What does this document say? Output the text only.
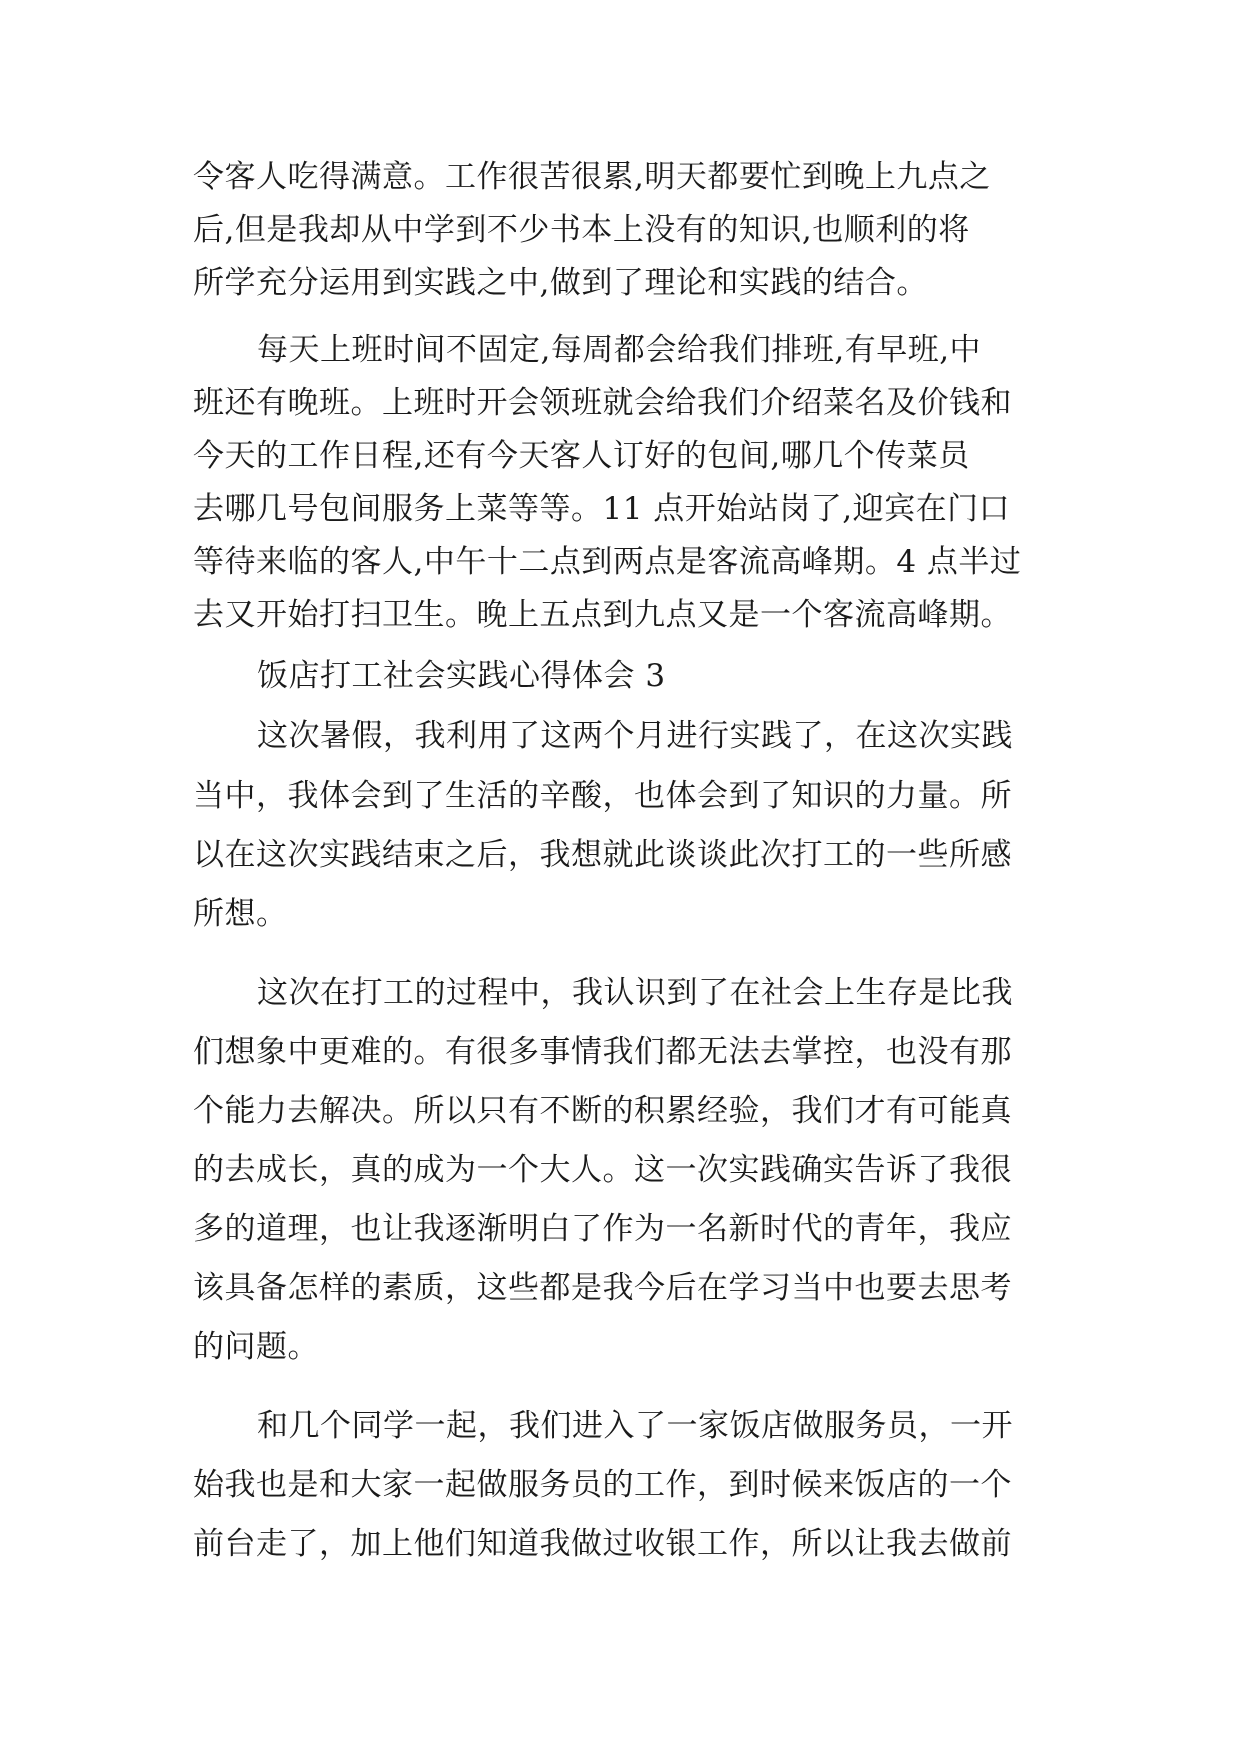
令客人吃得满意。工作很苦很累,明天都要忙到晚上九点之

后,但是我却从中学到不少书本上没有的知识,也顺利的将

所学充分运用到实践之中,做到了理论和实践的结合。

每天上班时间不固定,每周都会给我们排班,有早班,中

班还有晚班。上班时开会领班就会给我们介绍菜名及价钱和

今天的工作日程,还有今天客人订好的包间,哪几个传菜员

去哪几号包间服务上菜等等。11 点开始站岗了,迎宾在门口

等待来临的客人,中午十二点到两点是客流高峰期。4 点半过

去又开始打扫卫生。晚上五点到九点又是一个客流高峰期。

饭店打工社会实践心得体会 3

这次暑假，我利用了这两个月进行实践了，在这次实践

当中，我体会到了生活的辛酸，也体会到了知识的力量。所

以在这次实践结束之后，我想就此谈谈此次打工的一些所感

所想。

这次在打工的过程中，我认识到了在社会上生存是比我

们想象中更难的。有很多事情我们都无法去掌控，也没有那

个能力去解决。所以只有不断的积累经验，我们才有可能真

的去成长，真的成为一个大人。这一次实践确实告诉了我很

多的道理，也让我逐渐明白了作为一名新时代的青年，我应

该具备怎样的素质，这些都是我今后在学习当中也要去思考

的问题。

和几个同学一起，我们进入了一家饭店做服务员，一开

始我也是和大家一起做服务员的工作，到时候来饭店的一个

前台走了，加上他们知道我做过收银工作，所以让我去做前
